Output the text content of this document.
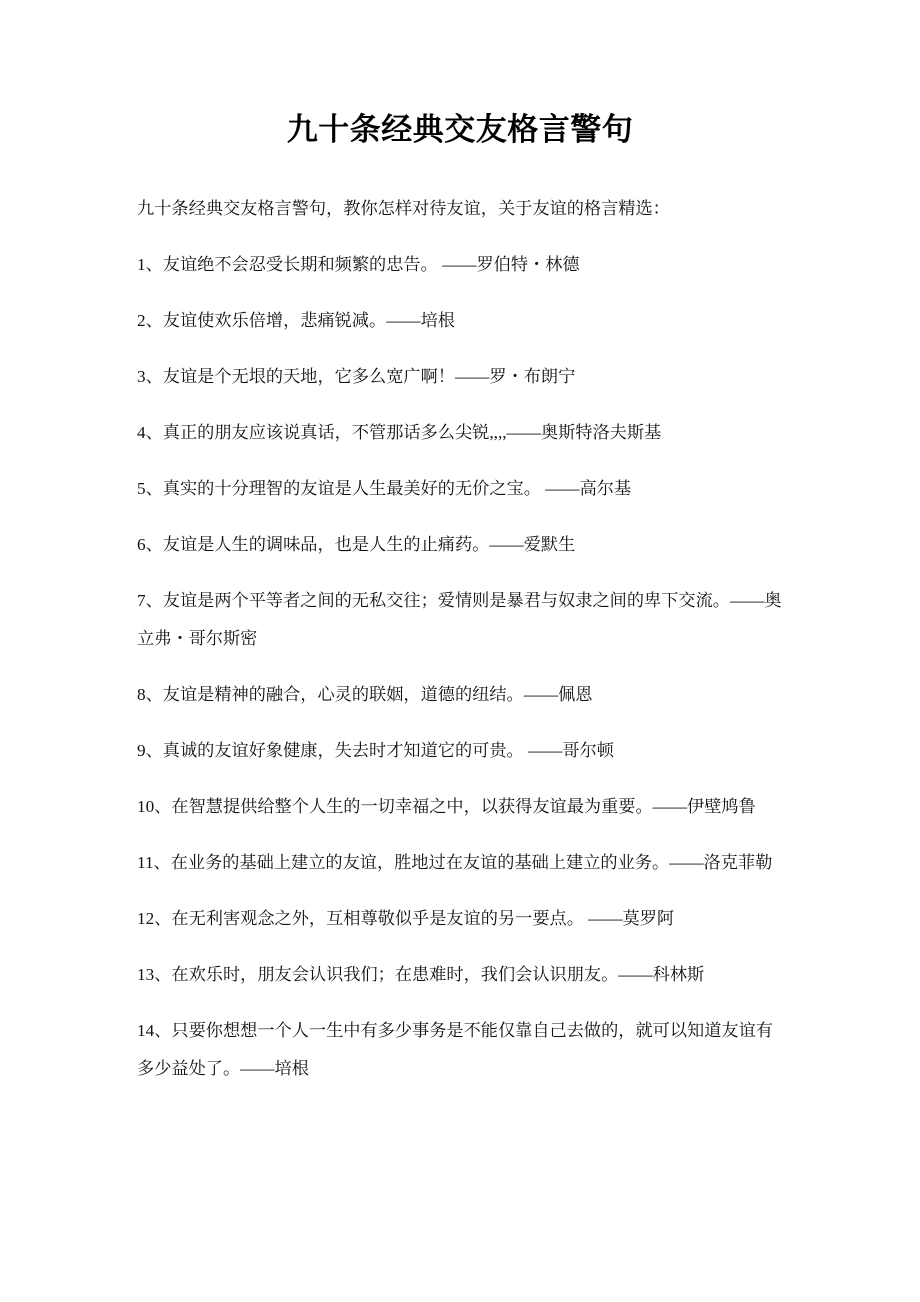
九十条经典交友格言警句

九十条经典交友格言警句，教你怎样对待友谊，关于友谊的格言精选：

1、友谊绝不会忍受长期和频繁的忠告。 ——罗伯特・林德

2、友谊使欢乐倍增，悲痛锐减。——培根

3、友谊是个无垠的天地，它多么宽广啊！——罗・布朗宁

4、真正的朋友应该说真话，不管那话多么尖锐,,,,——奥斯特洛夫斯基

5、真实的十分理智的友谊是人生最美好的无价之宝。 ——高尔基

6、友谊是人生的调味品，也是人生的止痛药。——爱默生

7、友谊是两个平等者之间的无私交往；爱情则是暴君与奴隶之间的卑下交流。——奥立弗・哥尔斯密

8、友谊是精神的融合，心灵的联姻，道德的纽结。——佩恩

9、真诚的友谊好象健康，失去时才知道它的可贵。 ——哥尔顿

10、在智慧提供给整个人生的一切幸福之中，以获得友谊最为重要。——伊壁鸠鲁

11、在业务的基础上建立的友谊，胜地过在友谊的基础上建立的业务。——洛克菲勒

12、在无利害观念之外，互相尊敬似乎是友谊的另一要点。 ——莫罗阿

13、在欢乐时，朋友会认识我们；在患难时，我们会认识朋友。——科林斯

14、只要你想想一个人一生中有多少事务是不能仅靠自己去做的，就可以知道友谊有多少益处了。——培根
